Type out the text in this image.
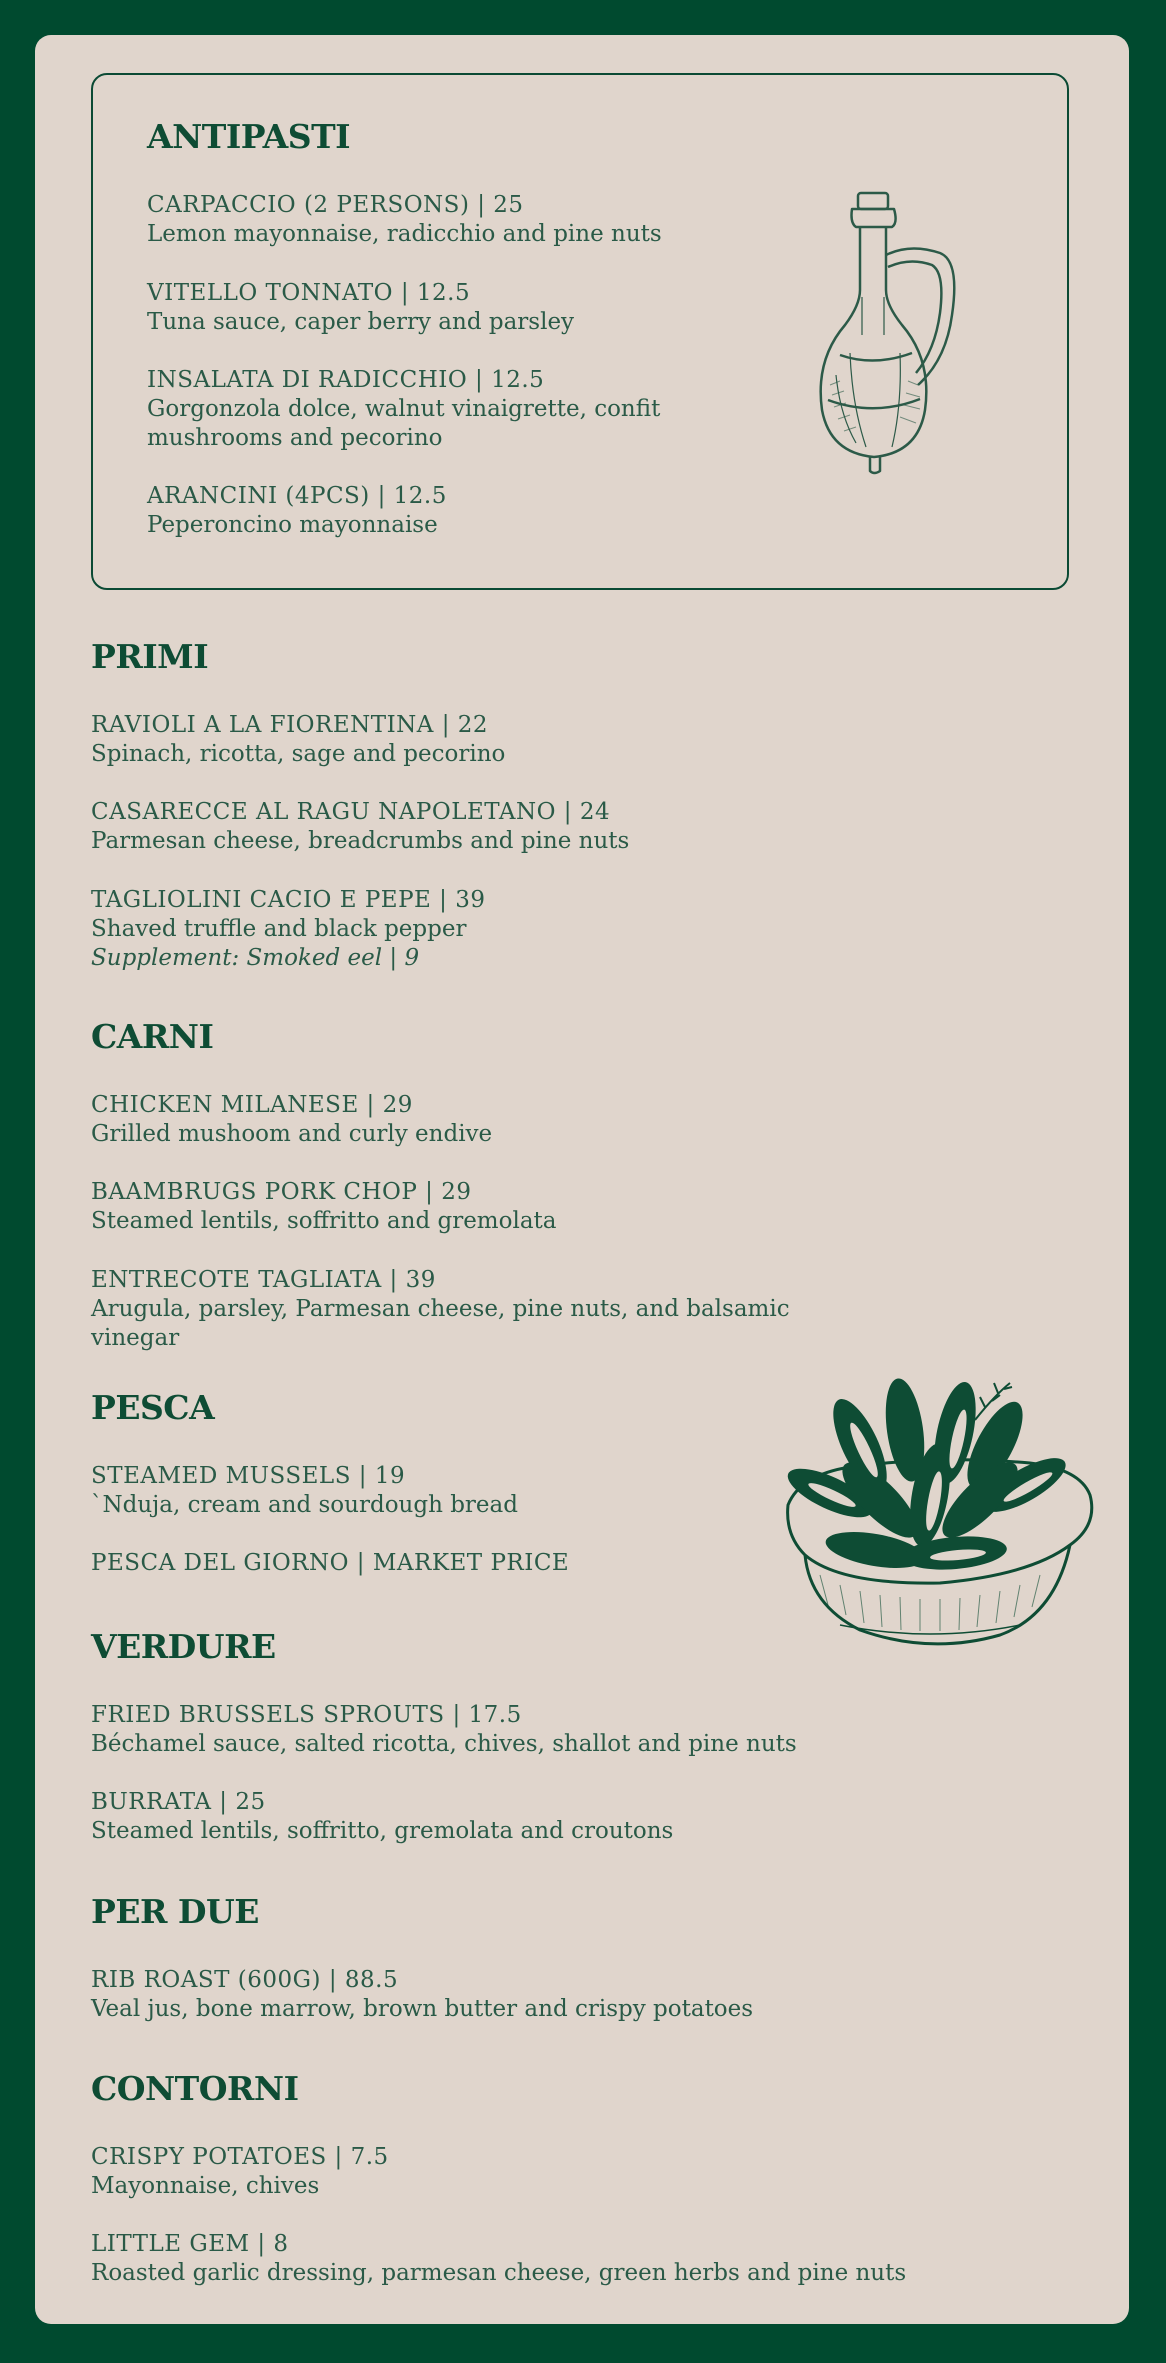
ANTIPASTI
CARPACCIO (2 PERSONS) | 25
Lemon mayonnaise, radicchio and pine nuts
VITELLO TONNATO | 12.5
Tuna sauce, caper berry and parsley
INSALATA DI RADICCHIO | 12.5
Gorgonzola dolce, walnut vinaigrette, confit
mushrooms and pecorino
ARANCINI (4PCS) | 12.5
Peperoncino mayonnaise
PRIMI
RAVIOLI A LA FIORENTINA | 22
Spinach, ricotta, sage and pecorino
CASARECCE AL RAGU NAPOLETANO | 24
Parmesan cheese, breadcrumbs and pine nuts
TAGLIOLINI CACIO E PEPE | 39
Shaved truffle and black pepper
Supplement: Smoked eel | 9
CARNI
CHICKEN MILANESE | 29
Grilled mushoom and curly endive
BAAMBRUGS PORK CHOP | 29
Steamed lentils, soffritto and gremolata
ENTRECOTE TAGLIATA | 39
Arugula, parsley, Parmesan cheese, pine nuts, and balsamic
vinegar
PESCA
STEAMED MUSSELS | 19
`Nduja, cream and sourdough bread
PESCA DEL GIORNO | MARKET PRICE
VERDURE
FRIED BRUSSELS SPROUTS | 17.5
Béchamel sauce, salted ricotta, chives, shallot and pine nuts
BURRATA | 25
Steamed lentils, soffritto, gremolata and croutons
PER DUE
RIB ROAST (600G) | 88.5
Veal jus, bone marrow, brown butter and crispy potatoes
CONTORNI
CRISPY POTATOES | 7.5
Mayonnaise, chives
LITTLE GEM | 8
Roasted garlic dressing, parmesan cheese, green herbs and pine nuts
